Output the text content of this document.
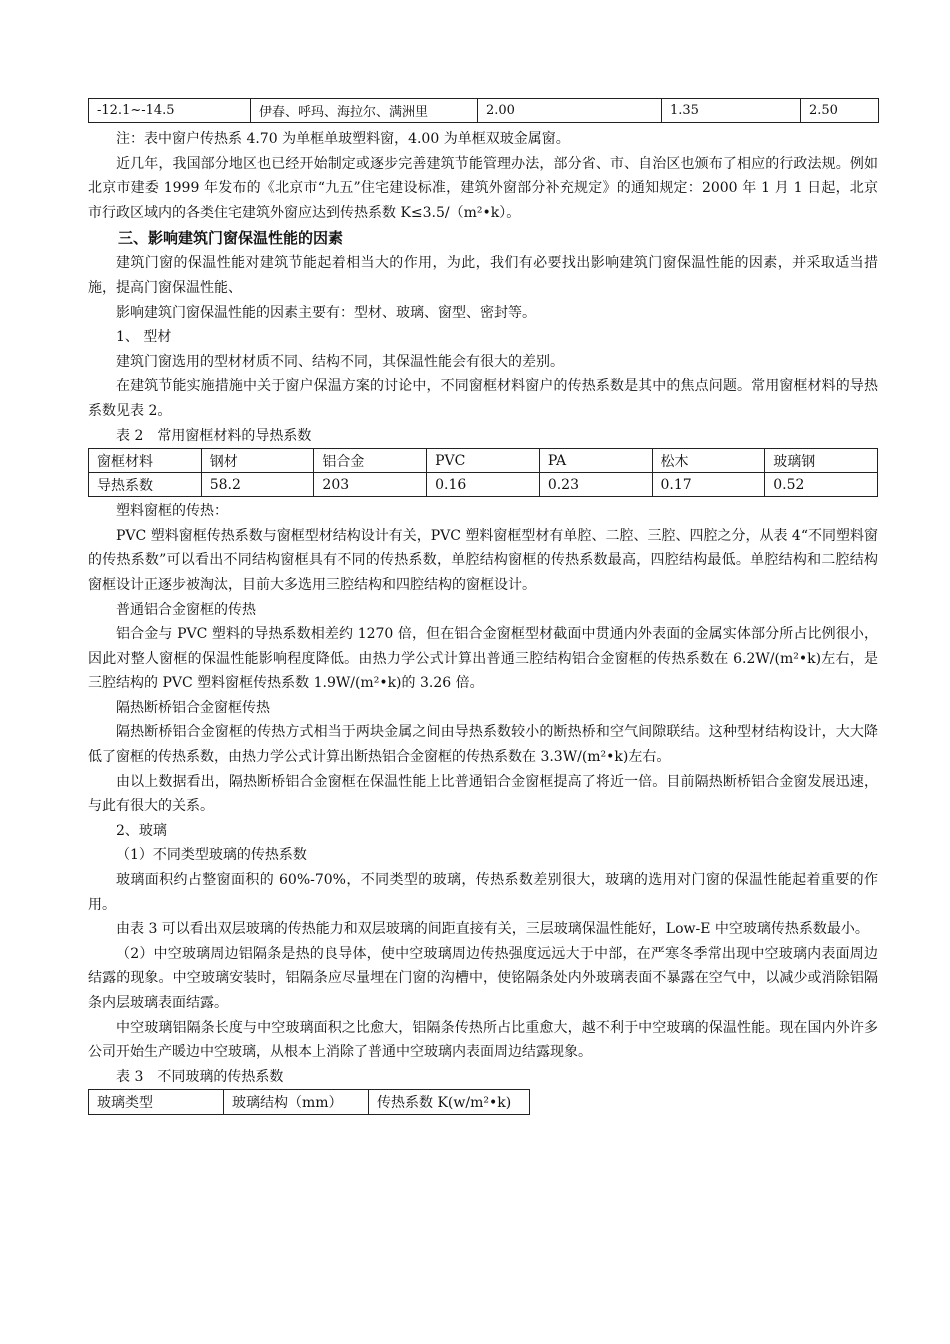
-12.1~-14.5	伊春、呼玛、海拉尔、满洲里	2.00	1.35	2.50

注：表中窗户传热系 4.70 为单框单玻塑料窗，4.00 为单框双玻金属窗。

近几年，我国部分地区也已经开始制定或逐步完善建筑节能管理办法，部分省、市、自治区也颁布了相应的行政法规。例如北京市建委 1999 年发布的《北京市“九五”住宅建设标准，建筑外窗部分补充规定》的通知规定：2000 年 1 月 1 日起，北京市行政区域内的各类住宅建筑外窗应达到传热系数 K≤3.5/（m²•k）。

三、影响建筑门窗保温性能的因素

建筑门窗的保温性能对建筑节能起着相当大的作用，为此，我们有必要找出影响建筑门窗保温性能的因素，并采取适当措施，提高门窗保温性能、

影响建筑门窗保温性能的因素主要有：型材、玻璃、窗型、密封等。

1、 型材

建筑门窗选用的型材材质不同、结构不同，其保温性能会有很大的差别。

在建筑节能实施措施中关于窗户保温方案的讨论中，不同窗框材料窗户的传热系数是其中的焦点问题。常用窗框材料的导热系数见表 2。

表 2　常用窗框材料的导热系数

窗框材料	钢材	铝合金	PVC	PA	松木	玻璃钢
导热系数	58.2	203	0.16	0.23	0.17	0.52

塑料窗框的传热：

PVC 塑料窗框传热系数与窗框型材结构设计有关，PVC 塑料窗框型材有单腔、二腔、三腔、四腔之分，从表 4“不同塑料窗的传热系数”可以看出不同结构窗框具有不同的传热系数，单腔结构窗框的传热系数最高，四腔结构最低。单腔结构和二腔结构窗框设计正逐步被淘汰，目前大多选用三腔结构和四腔结构的窗框设计。

普通铝合金窗框的传热

铝合金与 PVC 塑料的导热系数相差约 1270 倍，但在铝合金窗框型材截面中贯通内外表面的金属实体部分所占比例很小，因此对整人窗框的保温性能影响程度降低。由热力学公式计算出普通三腔结构铝合金窗框的传热系数在 6.2W/(m²•k)左右，是三腔结构的 PVC 塑料窗框传热系数 1.9W/(m²•k)的 3.26 倍。

隔热断桥铝合金窗框传热

隔热断桥铝合金窗框的传热方式相当于两块金属之间由导热系数较小的断热桥和空气间隙联结。这种型材结构设计，大大降低了窗框的传热系数，由热力学公式计算出断热铝合金窗框的传热系数在 3.3W/(m²•k)左右。

由以上数据看出，隔热断桥铝合金窗框在保温性能上比普通铝合金窗框提高了将近一倍。目前隔热断桥铝合金窗发展迅速，与此有很大的关系。

2、玻璃

（1）不同类型玻璃的传热系数

玻璃面积约占整窗面积的 60%-70%，不同类型的玻璃，传热系数差别很大，玻璃的选用对门窗的保温性能起着重要的作用。

由表 3 可以看出双层玻璃的传热能力和双层玻璃的间距直接有关，三层玻璃保温性能好，Low-E 中空玻璃传热系数最小。

（2）中空玻璃周边铝隔条是热的良导体，使中空玻璃周边传热强度远远大于中部，在严寒冬季常出现中空玻璃内表面周边结露的现象。中空玻璃安装时，铝隔条应尽量埋在门窗的沟槽中，使铭隔条处内外玻璃表面不暴露在空气中，以减少或消除铝隔条内层玻璃表面结露。

中空玻璃铝隔条长度与中空玻璃面积之比愈大，铝隔条传热所占比重愈大，越不利于中空玻璃的保温性能。现在国内外许多公司开始生产暖边中空玻璃，从根本上消除了普通中空玻璃内表面周边结露现象。

表 3　不同玻璃的传热系数

玻璃类型	玻璃结构（mm）	传热系数 K(w/m²•k)
